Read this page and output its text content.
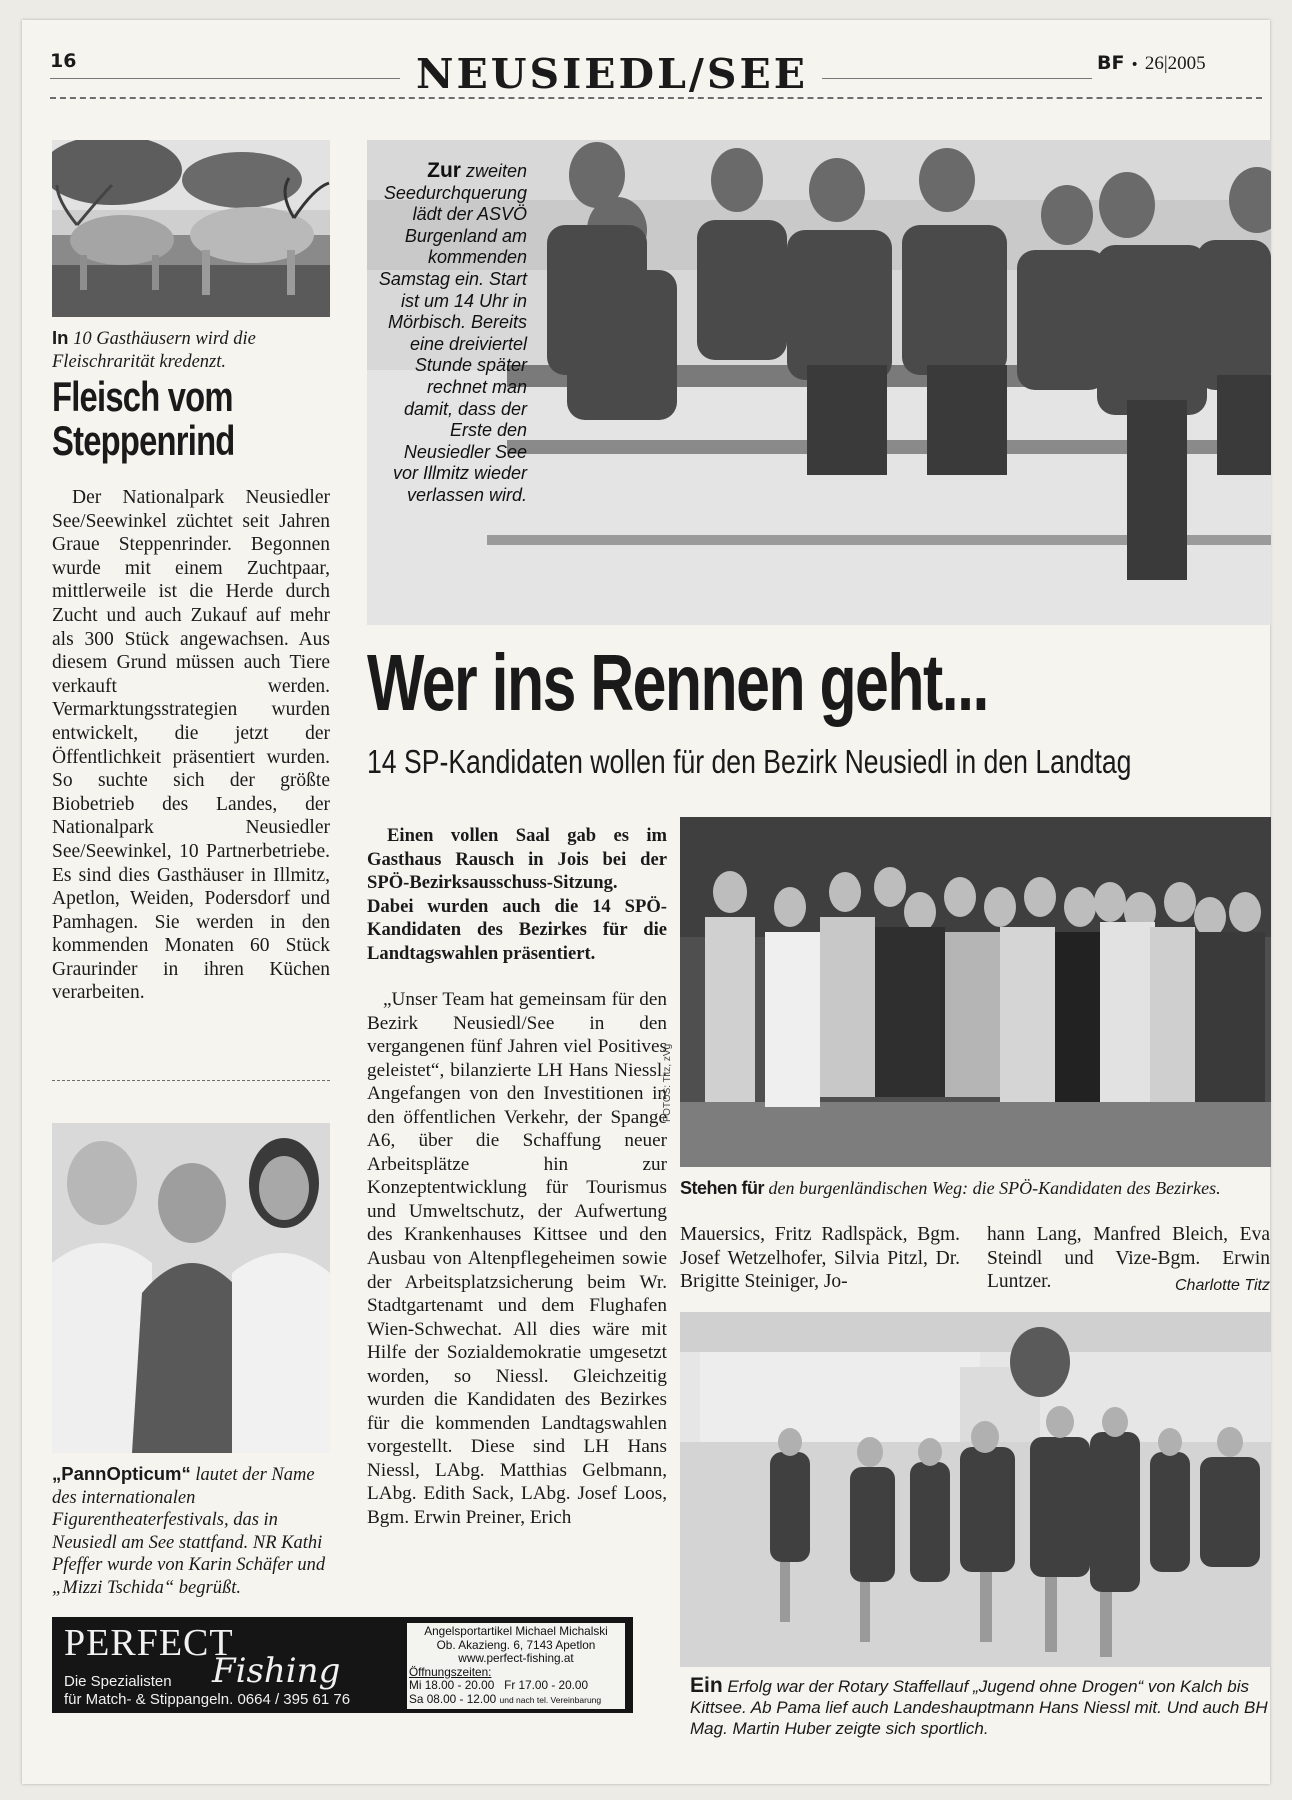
16	NEUSIEDL/SEE	BF • 26|2005
In 10 Gasthäusern wird die Fleischrarität kredenzt.
Fleisch vom Steppenrind
Der Nationalpark Neusiedler See/Seewinkel züchtet seit Jahren Graue Steppenrinder. Begonnen wurde mit einem Zuchtpaar, mittlerweile ist die Herde durch Zucht und auch Zukauf auf mehr als 300 Stück angewachsen. Aus diesem Grund müssen auch Tiere verkauft werden. Vermarktungsstrategien wurden entwickelt, die jetzt der Öffentlichkeit präsentiert wurden. So suchte sich der größte Biobetrieb des Landes, der Nationalpark Neusiedler See/Seewinkel, 10 Partnerbetriebe. Es sind dies Gasthäuser in Illmitz, Apetlon, Weiden, Podersdorf und Pamhagen. Sie werden in den kommenden Monaten 60 Stück Graurinder in ihren Küchen verarbeiten.
„PannOpticum“ lautet der Name des internationalen Figurentheaterfestivals, das in Neusiedl am See stattfand. NR Kathi Pfeffer wurde von Karin Schäfer und „Mizzi Tschida“ begrüßt.
Zur zweiten Seedurchquerung lädt der ASVÖ Burgenland am kommenden Samstag ein. Start ist um 14 Uhr in Mörbisch. Bereits eine dreiviertel Stunde später rechnet man damit, dass der Erste den Neusiedler See vor Illmitz wieder verlassen wird.
Wer ins Rennen geht...
14 SP-Kandidaten wollen für den Bezirk Neusiedl in den Landtag
Einen vollen Saal gab es im Gasthaus Rausch in Jois bei der SPÖ-Bezirksausschuss-Sitzung. Dabei wurden auch die 14 SPÖ-Kandidaten des Bezirkes für die Landtagswahlen präsentiert.
„Unser Team hat gemeinsam für den Bezirk Neusiedl/See in den vergangenen fünf Jahren viel Positives geleistet“, bilanzierte LH Hans Niessl. Angefangen von den Investitionen in den öffentlichen Verkehr, der Spange A6, über die Schaffung neuer Arbeitsplätze hin zur Konzeptentwicklung für Tourismus und Umweltschutz, der Aufwertung des Krankenhauses Kittsee und den Ausbau von Altenpflegeheimen sowie der Arbeitsplatzsicherung beim Wr. Stadtgartenamt und dem Flughafen Wien-Schwechat. All dies wäre mit Hilfe der Sozialdemokratie umgesetzt worden, so Niessl. Gleichzeitig wurden die Kandidaten des Bezirkes für die kommenden Landtagswahlen vorgestellt. Diese sind LH Hans Niessl, LAbg. Matthias Gelbmann, LAbg. Edith Sack, LAbg. Josef Loos, Bgm. Erwin Preiner, Erich
FOTOS: Titz, zVg
Stehen für den burgenländischen Weg: die SPÖ-Kandidaten des Bezirkes.
Mauersics, Fritz Radlspäck, Bgm. Josef Wetzelhofer, Silvia Pitzl, Dr. Brigitte Steiniger, Jo-
hann Lang, Manfred Bleich, Eva Steindl und Vize-Bgm. Erwin Luntzer.	Charlotte Titz
Ein Erfolg war der Rotary Staffellauf „Jugend ohne Drogen“ von Kalch bis Kittsee. Ab Pama lief auch Landeshauptmann Hans Niessl mit. Und auch BH Mag. Martin Huber zeigte sich sportlich.
PERFECT
Fishing
Die Spezialisten
für Match- & Stippangeln. 0664 / 395 61 76
Angelsportartikel Michael Michalski
Ob. Akazieng. 6, 7143 Apetlon
www.perfect-fishing.at
Öffnungszeiten:
Mi 18.00 - 20.00 Fr 17.00 - 20.00
Sa 08.00 - 12.00 und nach tel. Vereinbarung
